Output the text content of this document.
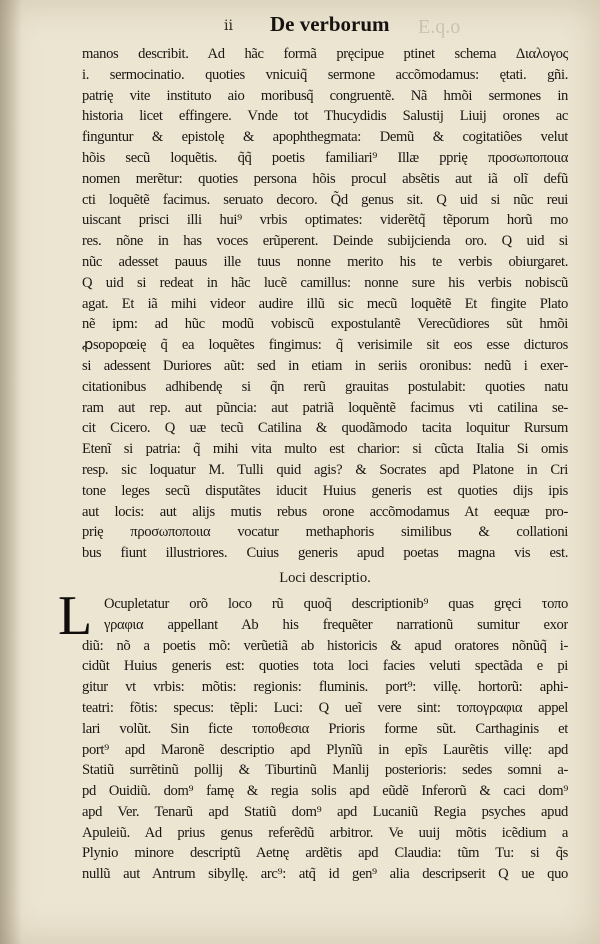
ii De verborum E.q.o
manos describit. Ad hãc formã pręcipue ptinet schema Διαλογος
i. sermocinatio. quoties vnicuiq̃ sermone accõmodamus: ętati. gñi.
patrię vite instituto aio moribusq̃ congruentẽ. Nã hmõi sermones in
historia licet effingere. Vnde tot Thucydidis Salustij Liuij orones ac
finguntur & epistolę & apophthegmata: Demũ & cogitatiões velut
hõis secũ loquẽtis. q̃q̃ poetis familiari⁹ Illæ pprię προσωποποιια
nomen merẽtur: quoties persona hõis procul absẽtis aut iã olĩ defũ
cti loquẽtẽ facimus. seruato decoro. Q̃d genus sit. Q uid si nũc reui
uiscant prisci illi hui⁹ vrbis optimates: viderẽtq̃ tẽporum horũ mo
res. nõne in has voces erũperent. Deinde subijcienda oro. Q uid si
nũc adesset pauus ille tuus nonne merito his te verbis obiurgaret.
Q uid si redeat in hãc lucẽ camillus: nonne sure his verbis nobiscũ
agat. Et iã mihi videor audire illũ sic mecũ loquẽtẽ Et fingite Plato
nẽ ipm: ad hũc modũ vobiscũ expostulantẽ Verecũdiores sũt hmõi
ꝓsopopœię q̃ ea loquẽtes fingimus: q̃ verisimile sit eos esse dicturos
si adessent Duriores aũt: sed in etiam in seriis oronibus: nedũ i exer-
citationibus adhibendę si q̃n rerũ grauitas postulabit: quoties natu
ram aut rep. aut pũncia: aut patriã loquẽntẽ facimus vti catilina se-
cit Cicero. Q uæ tecũ Catilina & quodãmodo tacita loquitur Rursum
Etenĩ si patria: q̃ mihi vita multo est charior: si cũcta Italia Si omis
resp. sic loquatur M. Tulli quid agis? & Socrates apd Platone in Cri
tone leges secũ disputãtes iducit Huius generis est quoties dijs ipis
aut locis: aut alijs mutis rebus orone accõmodamus At eequæ pro-
prię προσωποποιια vocatur methaphoris similibus & collationi
bus fiunt illustriores. Cuius generis apud poetas magna vis est.
Loci descriptio.
L Ocupletatur orõ loco rũ quoq̃ descriptionib⁹ quas gręci τοπο
γραφια appellant Ab his frequẽter narrationũ sumitur exor
diũ: nõ a poetis mõ: verũetiã ab historicis & apud oratores nõnũq̃ i-
cidũt Huius generis est: quoties tota loci facies veluti spectãda e pi
gitur vt vrbis: mõtis: regionis: fluminis. port⁹: villę. hortorũ: aphi-
teatri: fõtis: specus: tẽpli: Luci: Q ueĩ vere sint: τοπογραφια appel
lari volũt. Sin ficte τοποθεσια Prioris forme sũt. Carthaginis et
port⁹ apd Maronẽ descriptio apd Plynĩũ in epĩs Laurẽtis villę: apd
Statiũ surrẽtinũ pollij & Tiburtinũ Manlij posterioris: sedes somni a-
pd Ouidiũ. dom⁹ famę & regia solis apd eũdẽ Inferorũ & caci dom⁹
apd Ver. Tenarũ apd Statiũ dom⁹ apd Lucaniũ Regia psyches apud
Apuleiũ. Ad prius genus referẽdũ arbitror. Ve uuij mõtis icẽdium a
Plynio minore descriptũ Aetnę ardẽtis apd Claudia: tũm Tu: si q̃s
nullũ aut Antrum sibyllę. arc⁹: atq̃ id gen⁹ alia descripserit Q ue quo
